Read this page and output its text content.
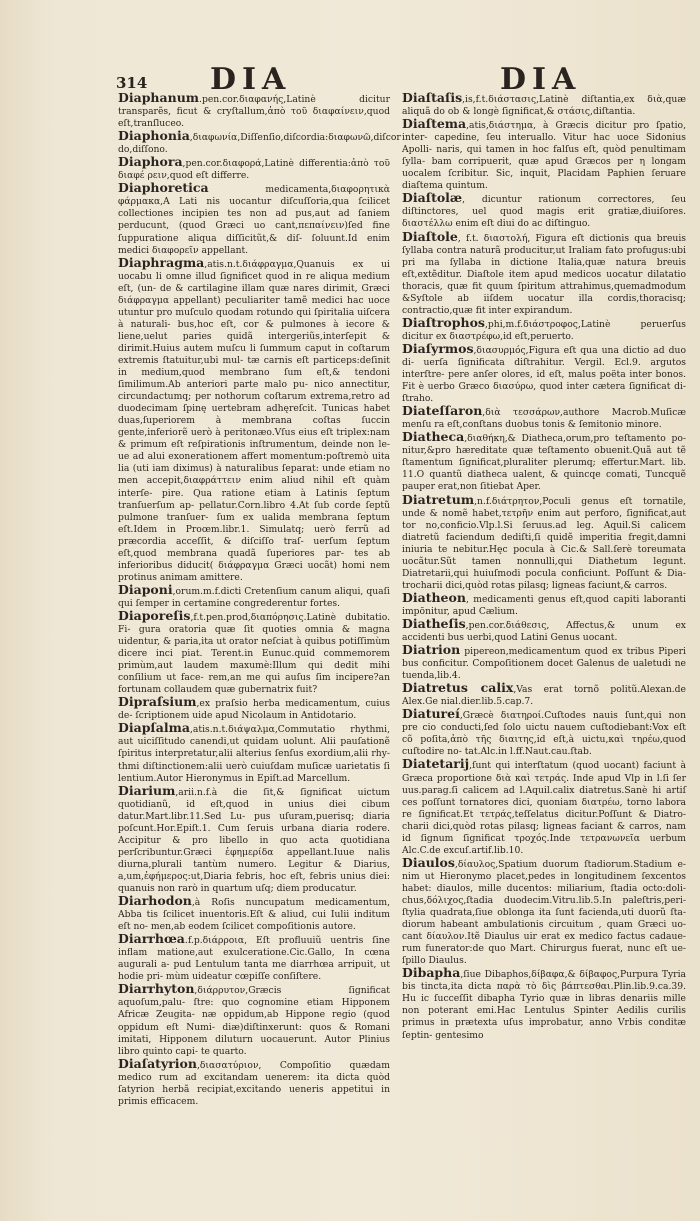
314 DIA	DIA

Diaphanum.pen.cor.διαφανής,Latinè dicitur transparẽs, ficut & cryſtallum,ἀπὸ τοῦ διαφαίνειν,quod eſt,tranſluceo.

Diaphonia,διαφωνία,Diſſenſio,diſcordia:διαφωνῶ,diſcor do,diſſono.

Diaphora,pen.cor.διαφορά,Latinè differentia:ἀπὸ τοῦ διαφέ ρειν,quod eſt differre.

Diaphoretica medicamenta,διαφορητικὰ φάρμακα,A Lati nis uocantur diſcuſſoria,qua ſcilicet collectiones incipien tes non ad pus,aut ad ſaniem perducunt, (quod Græci uo cant,πεπαίνειν)ſed fine ſuppuratione aliqua diſſicitũt,& diſ- ſoluunt.Id enim medici διαφορεῖν appellant.

Diaphragma,atis.n.t.διάφραγμα,Quanuis ex ui uocabu li omne illud ſignificet quod in re aliqua medium eſt, (un- de & cartilagine illam quæ nares dirimit, Græci διάφραγμα appellant) peculiariter tamẽ medici hac uoce utuntur pro muſculo quodam rotundo qui ſpiritalia uiſcera à naturali- bus,hoc eſt, cor & pulmones à iecore & liene,uelut paries quidã intergeriũs,interſepit & dirimit.Huius autem muſcu li ſummum caput in coſtarum extremis ſtatuitur,ubi mul- tæ carnis eſt particeps:deſinit in medium,quod membrano ſum eſt,& tendoni ſimilimum.Ab anteriori parte malo pu- nico annectitur, circundactumq; per nothorum coſtarum extrema,retro ad duodecimam ſpinę uertebram adhęreſcit. Tunicas habet duas,ſuperiorem à membrana coſtas ſuccin gente,inferiorẽ uerò à peritonæo.Vſus eius eſt triplex:nam & primum eſt reſpirationis inſtrumentum, deinde non le- ue ad alui exonerationem affert momentum:poſtremò uita lia (uti iam diximus) à naturalibus ſeparat: unde etiam no men accepit,διαφράττειν enim aliud nihil eſt quàm interſe- pire. Qua ratione etiam à Latinis ſeptum tranſuerſum ap- pellatur.Corn.libro 4.At ſub corde ſeptũ pulmone tranſuer- ſum ex ualida membrana ſeptum eſt.Idem in Proœm.libr.1. Simulatq; uerò ferrũ ad præcordia acceſſit, & diſciſſo traſ- uerſum ſeptum eſt,quod membrana quadã ſuperiores par- tes ab inferioribus diducit( διάφραγμα Græci uocãt) homi nem protinus animam amittere.

Diaponi,orum.m.f.dicti Cretenſium canum aliqui, quaſi qui ſemper in certamine congrederentur fortes.

Diaporeſis,f.t.pen.prod,διαπόρησις.Latinè dubitatio. Fi- gura oratoria quæ ſit quoties omnia & magna uidentur, & paria,ita ut orator neſciat à quibus potiſſimùm dicere inci piat. Terent.in Eunuc.quid commemorem primùm,aut laudem maxumè:Illum qui dedit mihi conſilium ut face- rem,an me qui auſus ſim incipere?an fortunam collaudem quæ gubernatrix fuit?

Dipraſsium,ex praſsio herba medicamentum, cuius de- ſcriptionem uide apud Nicolaum in Antidotario.

Diapſalma,atis.n.t.διάψαλμα,Commutatio rhythmi, aut uiciſſitudo canendi,ut quidam uolunt. Alii pauſationẽ ſpiritus interpretatur,alii alterius ſenſus exordium,alii rhy- thmi diſtinctionem:alii uerò cuiuſdam muſicæ uarietatis ſi lentium.Autor Hieronymus in Epiſt.ad Marcellum.

Diarium,arii.n.f.à die ſit,& ſignificat uictum quotidianũ, id eſt,quod in unius diei cibum datur.Mart.libr.11.Sed Lu- pus uſuram,puerisq; diaria poſcunt.Hor.Epiſt.1. Cum ſeruis urbana diaria rodere. Accipitur & pro libello in quo acta quotidiana perſcribuntur.Græci ἐφημερίδα appellant.Iuue nalis diurna,plurali tantùm numero. Legitur & Diarius, a,um,ἐφήμερος:ut,Diaria febris, hoc eſt, febris unius diei: quanuis non rarò in quartum uſq; diem producatur.

Diarhodon,à Roſis nuncupatum medicamentum, Abba tis ſcilicet inuentoris.Eſt & aliud, cui Iulii inditum eſt no- men,ab eodem ſcilicet compoſitionis autore.

Diarrhœa.f.p.διάρροια, Eſt profluuiũ uentris ſine inflam matione,aut exulceratione.Cic.Gallo, In cœna augurali a- pud Lentulum tanta me diarrhœa arripuit, ut hodie pri- mùm uideatur cœpiſſe conſiſtere.

Diarrhyton,διάρρυτον,Græcis ſignificat aquoſum,palu- ſtre: quo cognomine etiam Hipponem Africæ Zeugita- næ oppidum,ab Hippone regio (quod oppidum eſt Numi- diæ)diſtinxerunt: quos & Romani imitati, Hipponem diluturn uocauerunt. Autor Plinius libro quinto capi- te quarto.

Diaſatyrion,διασατύριον, Compoſitio quædam medico rum ad excitandam uenerem: ita dicta quòd ſatyrion herbã recipiat,excitando ueneris appetitui in primis efficacem.

Diaſtaſis,is,f.t.διάστασις,Latinè diſtantia,ex διὰ,quæ aliquã do ob & longè ſignificat,& στάσις,diſtantia.

Diaſtema,atis,διάστημα, à Græcis dicitur pro ſpatio, inter- capedine, ſeu interuallo. Vitur hac uoce Sidonius Apolli- naris, qui tamen in hoc falſus eſt, quòd penultimam ſylla- bam corripuerit, quæ apud Græcos per η longam uocalem ſcribitur. Sic, inquit, Placidam Paphien ſeruare diaſtema quintum.

Diaſtolæ, dicuntur rationum correctores, ſeu diſtinctores, uel quod magis erit gratiæ,diuiſores. διαστέλλω enim eſt diui do ac diſtinguo.

Diaſtole, f.t. διαστολή, Figura eſt dictionis qua breuis ſyllaba contra naturã producitur,ut Iraliam fato profugus:ubi pri ma ſyllaba in dictione Italia,quæ natura breuis eſt,extẽditur. Diaſtole item apud medicos uocatur dilatatio thoracis, quæ fit quum ſpiritum attrahimus,quemadmodum &Syſtole ab iiſdem uocatur illa cordis,thoracisq; contractio,quæ fit inter expirandum.

Diaſtrophos,phi,m.f.διάστροφος,Latinè peruerſus dicitur ex διαστρέφω,id eſt,peruerto.

Diaſyrmos,διασυρμός,Figura eſt qua una dictio ad duo di- uerſa ſignificata diſtrahitur. Vergil. Ecl.9. argutos interſtre- pere anſer olores, id eſt, malus poëta inter bonos. Fit è uerbo Græco διασύρω, quod inter cætera ſignificat di- ſtraho.

Diateſſaron,διὰ τεσσάρων,authore Macrob.Muſicæ menſu ra eſt,conſtans duobus tonis & ſemitonio minore.

Diatheca,διαθήκη,& Diatheca,orum,pro teſtamento po- nitur,&pro hæreditate quæ teſtamento obuenit.Quã aut tẽ ſtamentum ſignificat,pluraliter plerumq; effertur.Mart. lib. 11.O quantũ diatheca ualent, & quincqe comati, Tuncquẽ pauper erat,non ſitiebat Aper.

Diatretum,n.f.διάτρητον,Poculi genus eſt tornatile, unde & nomẽ habet,τετρῆν enim aut perforo, ſignificat,aut tor no,conficio.Vlp.l.Si ſeruus.ad leg. Aquil.Si calicem diatretũ faciendum dediſti,ſi quidẽ imperitia fregit,damni iniuria te nebitur.Hęc pocula à Cic.& Sall.ſerè toreumata uocãtur.Sũt tamen nonnulli,qui Diathetum legunt. Diatretarii,qui huiuſmodi pocula conficiunt. Poſſunt & Dia- trocharii dici,quòd rotas pilasq; ligneas faciunt,& carros.

Diatheon, medicamenti genus eſt,quod capiti laboranti impōnitur, apud Cælium.

Diatheſis,pen.cor.διάθεσις, Affectus,& unum ex accidenti bus uerbi,quod Latini Genus uocant.

Diatrion pipereon,medicamentum quod ex tribus Piperi bus conficitur. Compoſitionem docet Galenus de ualetudi ne tuenda,lib.4.

Diatretus calix,Vas erat tornõ politũ.Alexan.de Alex.Ge nial.dier.lib.5.cap.7.

Diatureí,Græcè διατηροί.Cuſtodes nauis ſunt,qui non pre cio conducti,ſed ſolo uictu nauem cuſtodiebant:Vox eſt cõ poſita,ἀπὸ τῆς διαιτης,id eſt,à uictu,καὶ τηρέω,quod cuſtodire no- tat.Alc.in l.ff.Naut.cau.ſtab.

Diatetarij,ſunt qui interſtatum (quod uocant) faciunt à Græca proportione διὰ καὶ τετράς. Inde apud Vlp in l.ſi ſer uus.parag.ſi calicem ad l.Aquil.calix diatretus.Sanè hi artiſ ces poſſunt tornatores dici, quoniam διατρέω, torno labora re ſignificat.Et τετράς,teſſelatus dicitur.Poſſunt & Diatro- charii dici,quòd rotas pilasq; ligneas faciant & carros, nam id ſignum ſignificat τροχός.Inde τετρανωνεῖα uerbum Alc.C.de excuſ.artif.lib.10.

Diaulos,δίαυλος,Spatium duorum ſtadiorum.Stadium e- nim ut Hieronymo placet,pedes in longitudinem ſexcentos habet: diaulos, mille ducentos: miliarium, ſtadia octo:doli- chus,δόλιχος,ſtadia duodecim.Vitru.lib.5.In paleſtris,peri- ſtylia quadrata,ſiue oblonga ita ſunt facienda,uti duorũ ſta- diorum habeant ambulationis circuitum , quam Græci uo- cant δίαυλον.Itẽ Diaulus uir erat ex medico factus cadaue- rum funerator:de quo Mart. Chirurgus fuerat, nunc eſt ue- ſpillo Diaulus.

Dibapha,ſiue Dibaphos,δίβαφα,& δίβαφος,Purpura Tyria bis tincta,ita dicta παρὰ τὸ δὶς βάπτεσθαι.Plin.lib.9.ca.39. Hu ic ſucceſſit dibapha Tyrio quæ in libras denariis mille non poterant emi.Hac Lentulus Spinter Aedilis curilis primus in prætexta uſus improbatur, anno Vrbis conditæ ſeptin- gentesimo
